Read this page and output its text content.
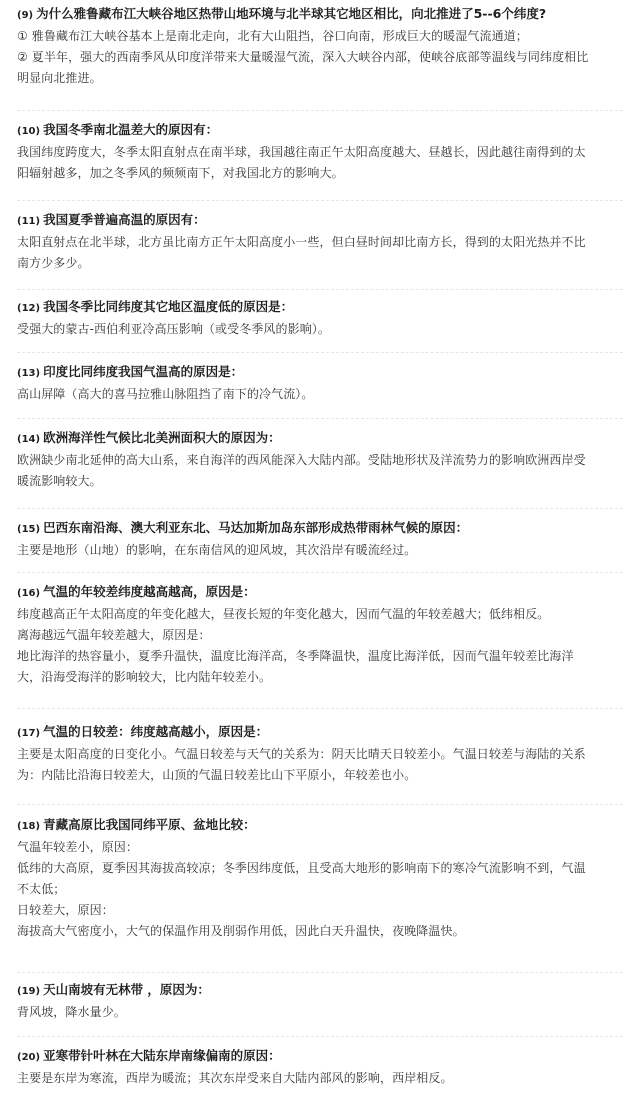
(9) 为什么雅鲁藏布江大峡谷地区热带山地环境与北半球其它地区相比，向北推进了5--6个纬度?

① 雅鲁藏布江大峡谷基本上是南北走向，北有大山阻挡，谷口向南，形成巨大的暖湿气流通道；

② 夏半年，强大的西南季风从印度洋带来大量暖湿气流，深入大峡谷内部，使峡谷底部等温线与同纬度相比

明显向北推进。

(10) 我国冬季南北温差大的原因有：

我国纬度跨度大，冬季太阳直射点在南半球，我国越往南正午太阳高度越大、昼越长，因此越往南得到的太

阳辐射越多，加之冬季风的频频南下，对我国北方的影响大。

(11) 我国夏季普遍高温的原因有：

太阳直射点在北半球，北方虽比南方正午太阳高度小一些，但白昼时间却比南方长，得到的太阳光热并不比

南方少多少。

(12) 我国冬季比同纬度其它地区温度低的原因是：

受强大的蒙古-西伯利亚冷高压影响（或受冬季风的影响）。

(13) 印度比同纬度我国气温高的原因是：

高山屏障（高大的喜马拉雅山脉阻挡了南下的冷气流）。

(14) 欧洲海洋性气候比北美洲面积大的原因为：

欧洲缺少南北延伸的高大山系，来自海洋的西风能深入大陆内部。受陆地形状及洋流势力的影响欧洲西岸受

暖流影响较大。

(15) 巴西东南沿海、澳大利亚东北、马达加斯加岛东部形成热带雨林气候的原因：

主要是地形（山地）的影响，在东南信风的迎风坡，其次沿岸有暖流经过。

(16) 气温的年较差纬度越高越高，原因是：

纬度越高正午太阳高度的年变化越大，昼夜长短的年变化越大，因而气温的年较差越大；低纬相反。

离海越远气温年较差越大，原因是：

地比海洋的热容量小，夏季升温快，温度比海洋高，冬季降温快，温度比海洋低，因而气温年较差比海洋

大，沿海受海洋的影响较大，比内陆年较差小。

(17) 气温的日较差：纬度越高越小，原因是：

主要是太阳高度的日变化小。气温日较差与天气的关系为：阴天比晴天日较差小。气温日较差与海陆的关系

为：内陆比沿海日较差大，山顶的气温日较差比山下平原小，年较差也小。

(18) 青藏高原比我国同纬平原、盆地比较：

气温年较差小，原因：

低纬的大高原，夏季因其海拔高较凉；冬季因纬度低，且受高大地形的影响南下的寒冷气流影响不到，气温

不太低；

日较差大，原因：

海拔高大气密度小，大气的保温作用及削弱作用低，因此白天升温快，夜晚降温快。

(19) 天山南坡有无林带 ，原因为：

背风坡，降水量少。

(20) 亚寒带针叶林在大陆东岸南缘偏南的原因：

主要是东岸为寒流，西岸为暖流；其次东岸受来自大陆内部风的影响，西岸相反。
